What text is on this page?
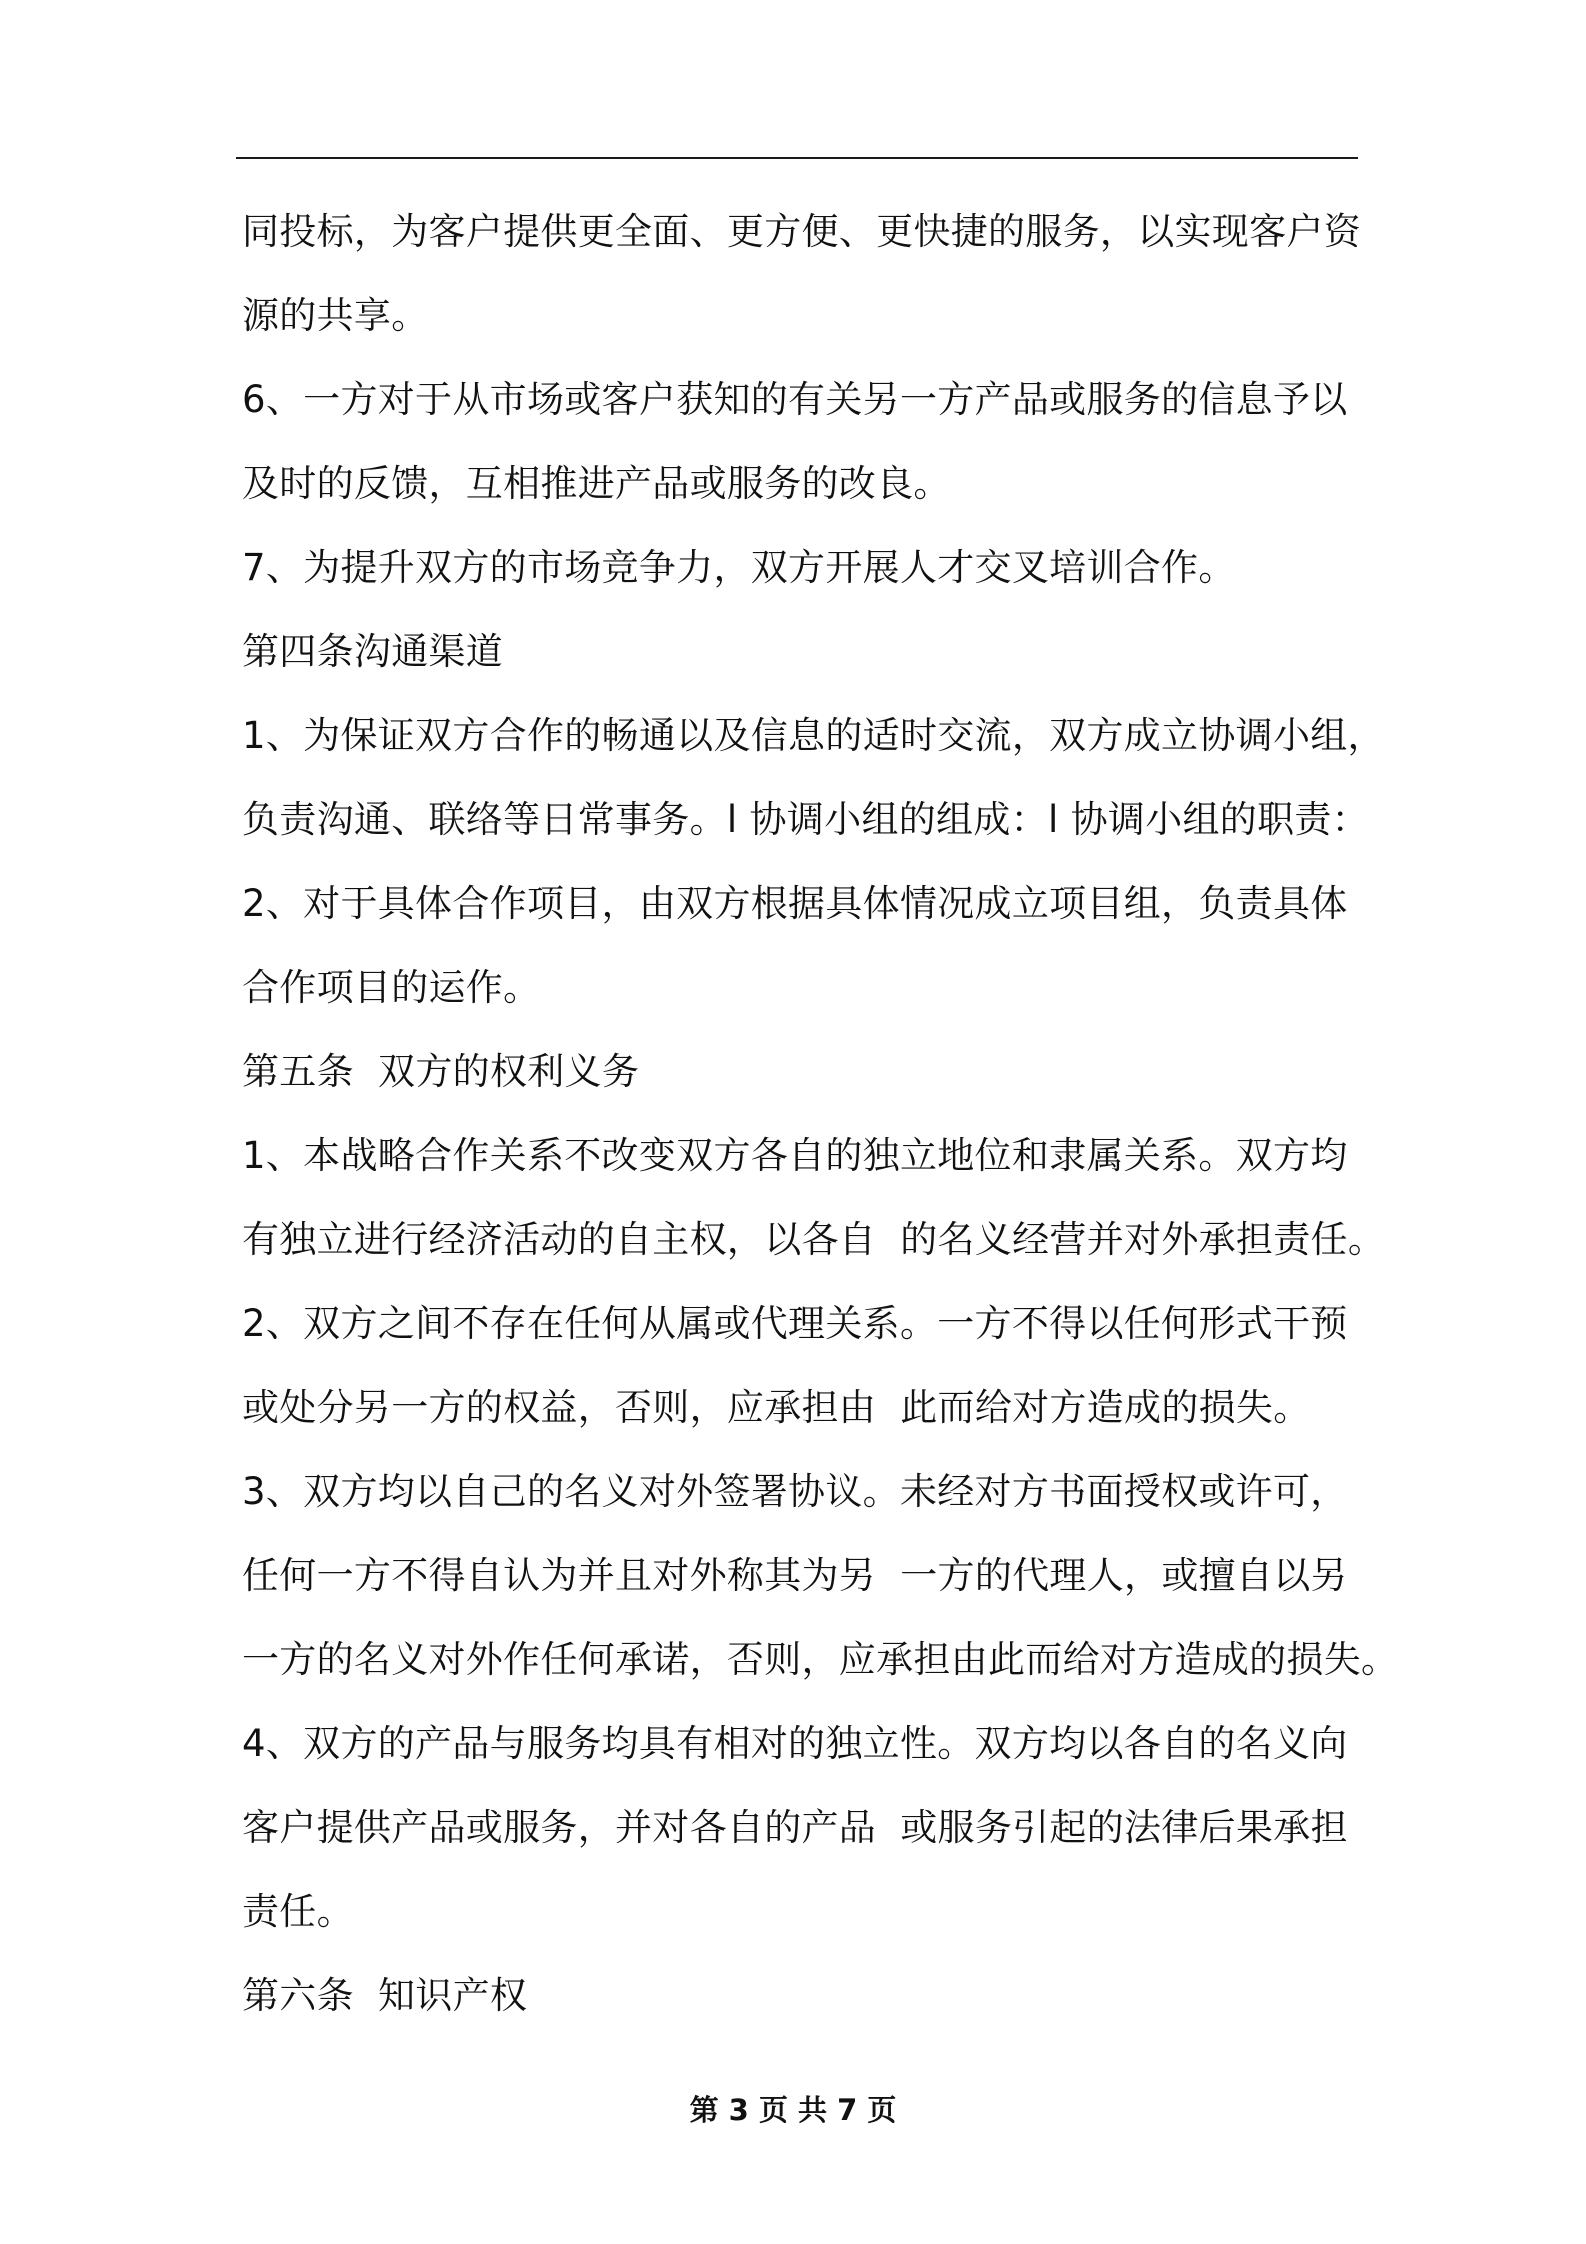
同投标，为客户提供更全面、更方便、更快捷的服务，以实现客户资
源的共享。
6、一方对于从市场或客户获知的有关另一方产品或服务的信息予以
及时的反馈，互相推进产品或服务的改良。
7、为提升双方的市场竞争力，双方开展人才交叉培训合作。
第四条沟通渠道
1、为保证双方合作的畅通以及信息的适时交流，双方成立协调小组，
负责沟通、联络等日常事务。l 协调小组的组成：l 协调小组的职责：
2、对于具体合作项目，由双方根据具体情况成立项目组，负责具体
合作项目的运作。
第五条  双方的权利义务
1、本战略合作关系不改变双方各自的独立地位和隶属关系。双方均
有独立进行经济活动的自主权，以各自  的名义经营并对外承担责任。
2、双方之间不存在任何从属或代理关系。一方不得以任何形式干预
或处分另一方的权益，否则，应承担由  此而给对方造成的损失。
3、双方均以自己的名义对外签署协议。未经对方书面授权或许可，
任何一方不得自认为并且对外称其为另  一方的代理人，或擅自以另
一方的名义对外作任何承诺，否则，应承担由此而给对方造成的损失。
4、双方的产品与服务均具有相对的独立性。双方均以各自的名义向
客户提供产品或服务，并对各自的产品  或服务引起的法律后果承担
责任。
第六条  知识产权
第 3 页 共 7 页
